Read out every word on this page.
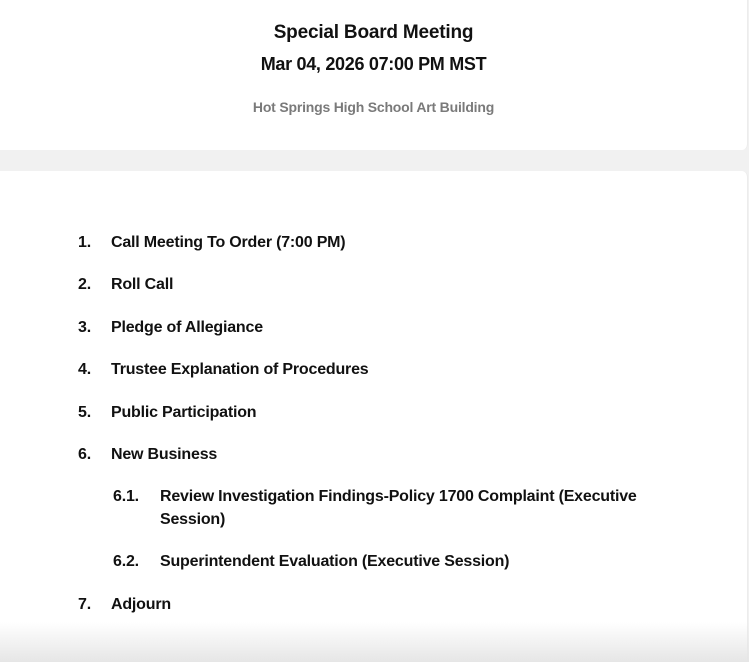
Special Board Meeting
Mar 04, 2026 07:00 PM MST
Hot Springs High School Art Building
1. Call Meeting To Order (7:00 PM)
2. Roll Call
3. Pledge of Allegiance
4. Trustee Explanation of Procedures
5. Public Participation
6. New Business
6.1. Review Investigation Findings-Policy 1700 Complaint (Executive Session)
6.2. Superintendent Evaluation (Executive Session)
7. Adjourn
